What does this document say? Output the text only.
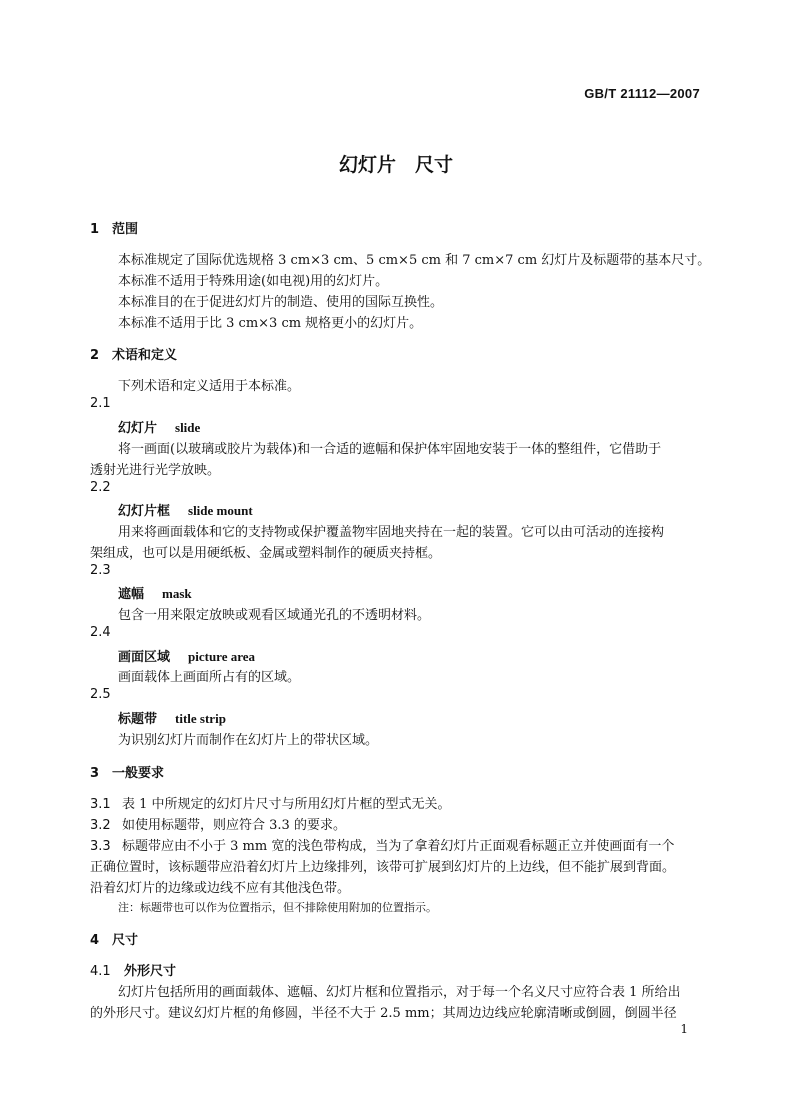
GB/T 21112—2007
幻灯片　尺寸
1 范围
本标准规定了国际优选规格 3 cm×3 cm、5 cm×5 cm 和 7 cm×7 cm 幻灯片及标题带的基本尺寸。
本标准不适用于特殊用途(如电视)用的幻灯片。
本标准目的在于促进幻灯片的制造、使用的国际互换性。
本标准不适用于比 3 cm×3 cm 规格更小的幻灯片。
2 术语和定义
下列术语和定义适用于本标准。
2.1
幻灯片 slide
将一画面(以玻璃或胶片为载体)和一合适的遮幅和保护体牢固地安装于一体的整组件，它借助于
透射光进行光学放映。
2.2
幻灯片框 slide mount
用来将画面载体和它的支持物或保护覆盖物牢固地夹持在一起的装置。它可以由可活动的连接构
架组成，也可以是用硬纸板、金属或塑料制作的硬质夹持框。
2.3
遮幅 mask
包含一用来限定放映或观看区域通光孔的不透明材料。
2.4
画面区域 picture area
画面载体上画面所占有的区域。
2.5
标题带 title strip
为识别幻灯片而制作在幻灯片上的带状区域。
3 一般要求
3.1 表 1 中所规定的幻灯片尺寸与所用幻灯片框的型式无关。
3.2 如使用标题带，则应符合 3.3 的要求。
3.3 标题带应由不小于 3 mm 宽的浅色带构成，当为了拿着幻灯片正面观看标题正立并使画面有一个
正确位置时，该标题带应沿着幻灯片上边缘排列，该带可扩展到幻灯片的上边线，但不能扩展到背面。
沿着幻灯片的边缘或边线不应有其他浅色带。
注：标题带也可以作为位置指示，但不排除使用附加的位置指示。
4 尺寸
4.1 外形尺寸
幻灯片包括所用的画面载体、遮幅、幻灯片框和位置指示，对于每一个名义尺寸应符合表 1 所给出
的外形尺寸。建议幻灯片框的角修圆，半径不大于 2.5 mm；其周边边线应轮廓清晰或倒圆，倒圆半径
1
